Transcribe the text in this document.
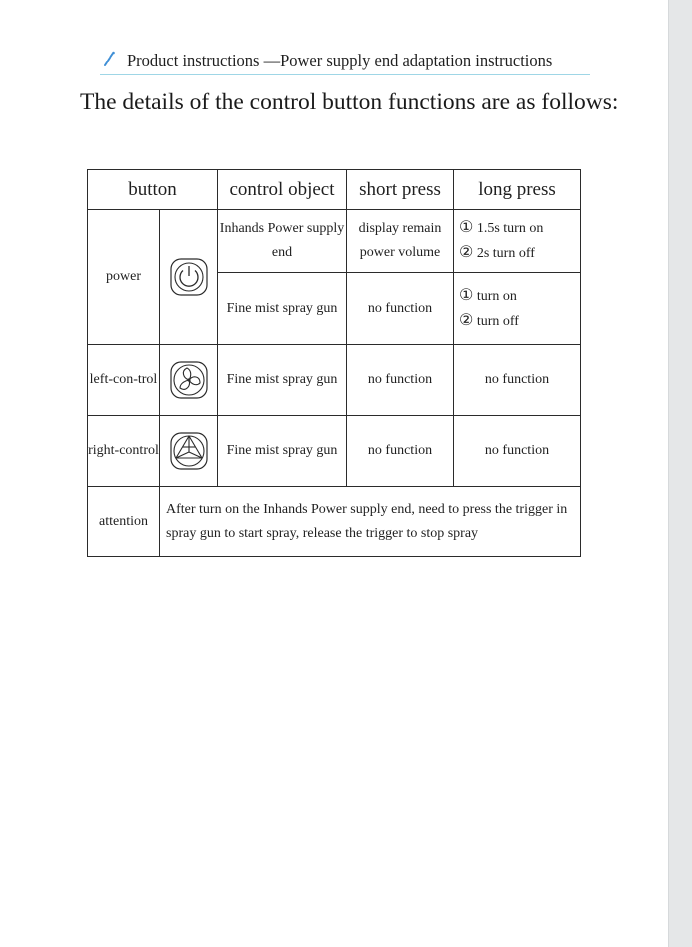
Product instructions —Power supply end adaptation instructions
The details of the control button functions are as follows:
button		control object	short press	long press
power		Inhands Power supply end	display remain power volume	① 1.5s turn on
② 2s turn off

		Fine mist spray gun	no function	① turn on
② turn off

left-con-trol		Fine mist spray gun	no function	no function
right-control		Fine mist spray gun	no function	no function
attention	After turn on the Inhands Power supply end, need to press the trigger in spray gun to start spray, release the trigger to stop spray			
